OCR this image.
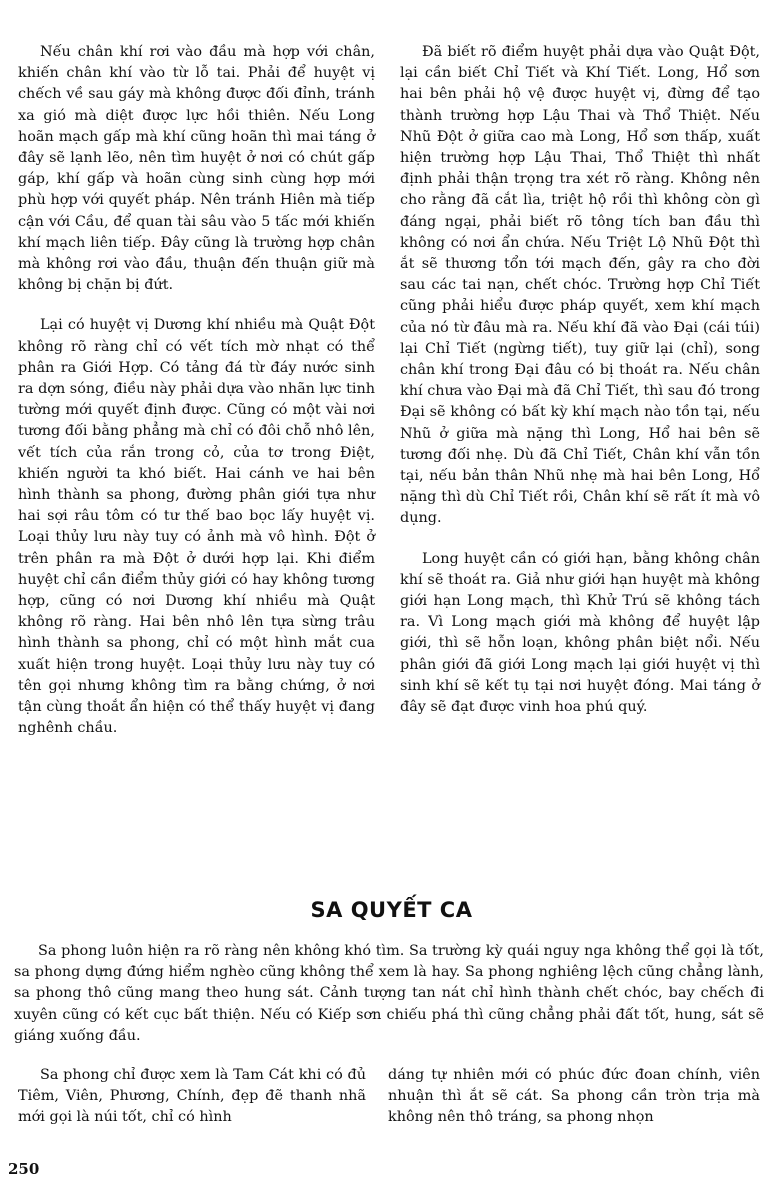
Nếu chân khí rơi vào đầu mà hợp với chân, khiến chân khí vào từ lỗ tai. Phải để huyệt vị chếch về sau gáy mà không được đối đỉnh, tránh xa gió mà diệt được lực hồi thiên. Nếu Long hoãn mạch gấp mà khí cũng hoãn thì mai táng ở đây sẽ lạnh lẽo, nên tìm huyệt ở nơi có chút gấp gáp, khí gấp và hoãn cùng sinh cùng hợp mới phù hợp với quyết pháp. Nên tránh Hiên mà tiếp cận với Cầu, để quan tài sâu vào 5 tấc mới khiến khí mạch liên tiếp. Đây cũng là trường hợp chân mà không rơi vào đầu, thuận đến thuận giữ mà không bị chặn bị đứt.

Lại có huyệt vị Dương khí nhiều mà Quật Đột không rõ ràng chỉ có vết tích mờ nhạt có thể phân ra Giới Hợp. Có tảng đá từ đáy nước sinh ra dợn sóng, điều này phải dựa vào nhãn lực tinh tường mới quyết định được. Cũng có một vài nơi tương đối bằng phẳng mà chỉ có đôi chỗ nhô lên, vết tích của rắn trong cỏ, của tơ trong Điệt, khiến người ta khó biết. Hai cánh ve hai bên hình thành sa phong, đường phân giới tựa như hai sợi râu tôm có tư thế bao bọc lấy huyệt vị. Loại thủy lưu này tuy có ảnh mà vô hình. Đột ở trên phân ra mà Đột ở dưới hợp lại. Khi điểm huyệt chỉ cần điểm thủy giới có hay không tương hợp, cũng có nơi Dương khí nhiều mà Quật không rõ ràng. Hai bên nhô lên tựa sừng trâu hình thành sa phong, chỉ có một hình mắt cua xuất hiện trong huyệt. Loại thủy lưu này tuy có tên gọi nhưng không tìm ra bằng chứng, ở nơi tận cùng thoắt ẩn hiện có thể thấy huyệt vị đang nghênh chầu.

Đã biết rõ điểm huyệt phải dựa vào Quật Đột, lại cần biết Chỉ Tiết và Khí Tiết. Long, Hổ sơn hai bên phải hộ vệ được huyệt vị, đừng để tạo thành trường hợp Lậu Thai và Thổ Thiệt. Nếu Nhũ Đột ở giữa cao mà Long, Hổ sơn thấp, xuất hiện trường hợp Lậu Thai, Thổ Thiệt thì nhất định phải thận trọng tra xét rõ ràng. Không nên cho rằng đã cắt lìa, triệt hộ rồi thì không còn gì đáng ngại, phải biết rõ tông tích ban đầu thì không có nơi ẩn chứa. Nếu Triệt Lộ Nhũ Đột thì ắt sẽ thương tổn tới mạch đến, gây ra cho đời sau các tai nạn, chết chóc. Trường hợp Chỉ Tiết cũng phải hiểu được pháp quyết, xem khí mạch của nó từ đâu mà ra. Nếu khí đã vào Đại (cái túi) lại Chỉ Tiết (ngừng tiết), tuy giữ lại (chỉ), song chân khí trong Đại đâu có bị thoát ra. Nếu chân khí chưa vào Đại mà đã Chỉ Tiết, thì sau đó trong Đại sẽ không có bất kỳ khí mạch nào tồn tại, nếu Nhũ ở giữa mà nặng thì Long, Hổ hai bên sẽ tương đối nhẹ. Dù đã Chỉ Tiết, Chân khí vẫn tồn tại, nếu bản thân Nhũ nhẹ mà hai bên Long, Hổ nặng thì dù Chỉ Tiết rồi, Chân khí sẽ rất ít mà vô dụng.

Long huyệt cần có giới hạn, bằng không chân khí sẽ thoát ra. Giả như giới hạn huyệt mà không giới hạn Long mạch, thì Khử Trú sẽ không tách ra. Vì Long mạch giới mà không để huyệt lập giới, thì sẽ hỗn loạn, không phân biệt nổi. Nếu phân giới đã giới Long mạch lại giới huyệt vị thì sinh khí sẽ kết tụ tại nơi huyệt đóng. Mai táng ở đây sẽ đạt được vinh hoa phú quý.

SA QUYẾT CA

Sa phong luôn hiện ra rõ ràng nên không khó tìm. Sa trường kỳ quái nguy nga không thể gọi là tốt, sa phong dựng đứng hiểm nghèo cũng không thể xem là hay. Sa phong nghiêng lệch cũng chẳng lành, sa phong thô cũng mang theo hung sát. Cảnh tượng tan nát chỉ hình thành chết chóc, bay chếch đi xuyên cũng có kết cục bất thiện. Nếu có Kiếp sơn chiếu phá thì cũng chẳng phải đất tốt, hung, sát sẽ giáng xuống đầu.

Sa phong chỉ được xem là Tam Cát khi có đủ Tiêm, Viên, Phương, Chính, đẹp đẽ thanh nhã mới gọi là núi tốt, chỉ có hình

dáng tự nhiên mới có phúc đức đoan chính, viên nhuận thì ắt sẽ cát. Sa phong cần tròn trịa mà không nên thô tráng, sa phong nhọn

250
